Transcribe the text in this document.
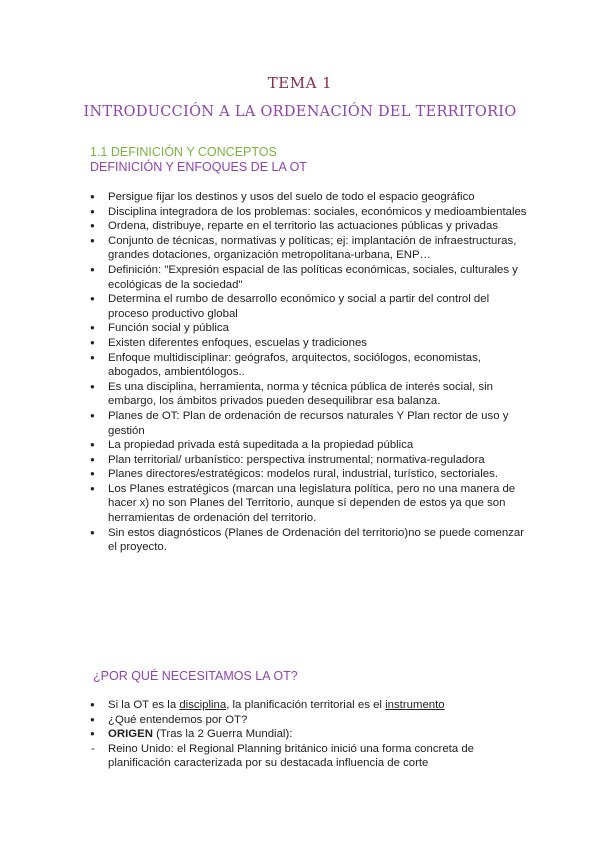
TEMA 1
INTRODUCCIÓN A LA ORDENACIÓN DEL TERRITORIO
1.1 DEFINICIÓN Y CONCEPTOS
DEFINICIÓN Y ENFOQUES DE LA OT
● Persigue fijar los destinos y usos del suelo de todo el espacio geográfico
● Disciplina integradora de los problemas: sociales, económicos y medioambientales
● Ordena, distribuye, reparte en el territorio las actuaciones públicas y privadas
● Conjunto de técnicas, normativas y políticas; ej: implantación de infraestructuras, grandes dotaciones, organización metropolitana-urbana, ENP…
● Definición: "Expresión espacial de las políticas económicas, sociales, culturales y ecológicas de la sociedad"
● Determina el rumbo de desarrollo económico y social a partir del control del proceso productivo global
● Función social y pública
● Existen diferentes enfoques, escuelas y tradiciones
● Enfoque multidisciplinar: geógrafos, arquitectos, sociólogos, economistas, abogados, ambientólogos..
● Es una disciplina, herramienta, norma y técnica pública de interés social, sin embargo, los ámbitos privados pueden desequilibrar esa balanza.
● Planes de OT: Plan de ordenación de recursos naturales Y Plan rector de uso y gestión
● La propiedad privada está supeditada a la propiedad pública
● Plan territorial/ urbanístico: perspectiva instrumental; normativa-reguladora
● Planes directores/estratégicos: modelos rural, industrial, turístico, sectoriales.
● Los Planes estratégicos (marcan una legislatura política, pero no una manera de hacer x) no son Planes del Territorio, aunque sí dependen de estos ya que son herramientas de ordenación del territorio.
● Sin estos diagnósticos (Planes de Ordenación del territorio)no se puede comenzar el proyecto.
¿POR QUÉ NECESITAMOS LA OT?
● Si la OT es la disciplina, la planificación territorial es el instrumento
● ¿Qué entendemos por OT?
● ORIGEN (Tras la 2 Guerra Mundial):
- Reino Unido: el Regional Planning británico inició una forma concreta de planificación caracterizada por su destacada influencia de corte
